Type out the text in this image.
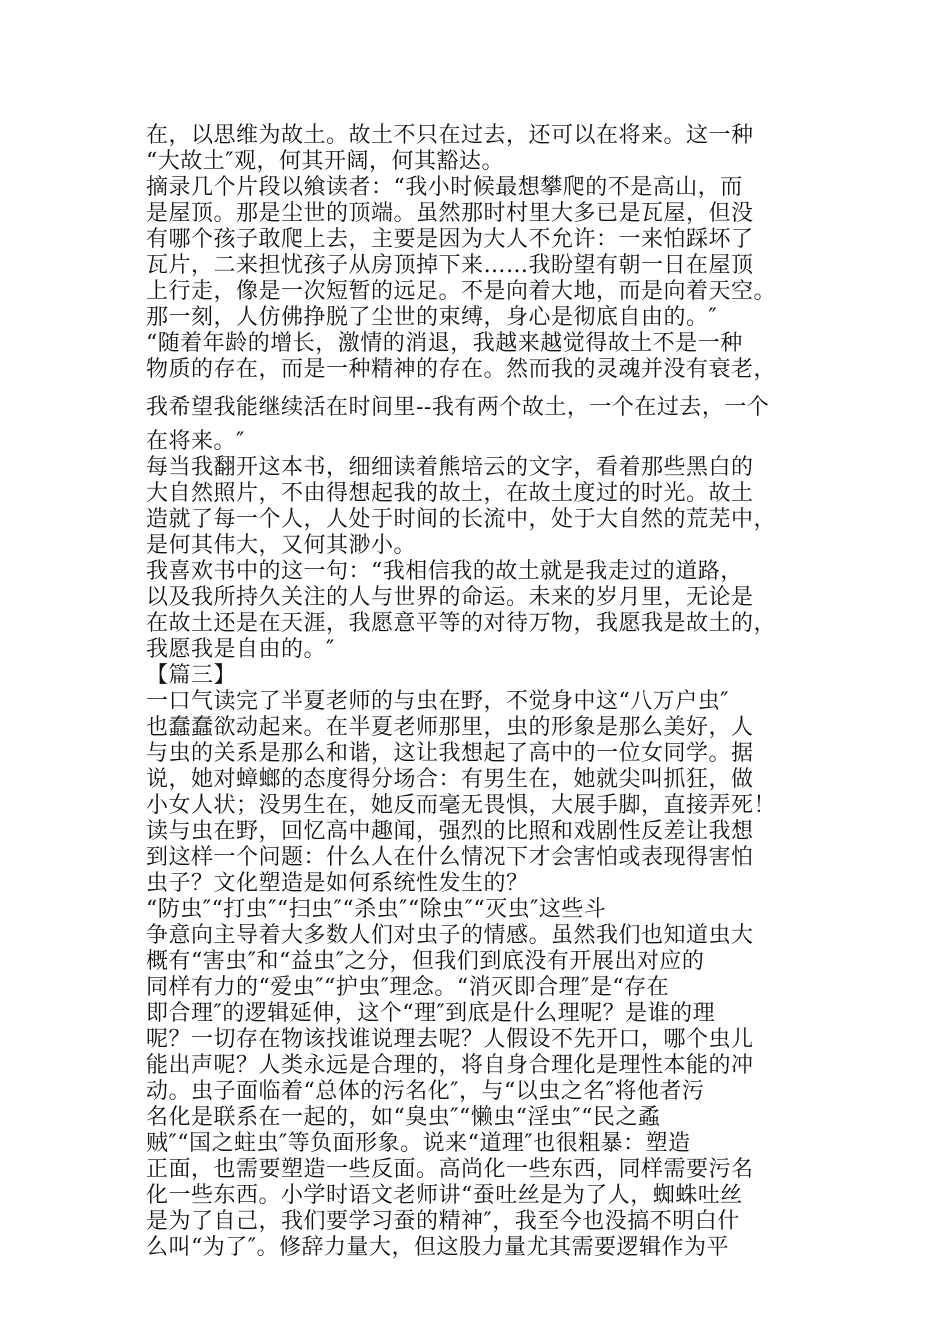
在，以思维为故土。故土不只在过去，还可以在将来。这一种
“大故土″观，何其开阔，何其豁达。
摘录几个片段以飨读者：“我小时候最想攀爬的不是高山，而
是屋顶。那是尘世的顶端。虽然那时村里大多已是瓦屋，但没
有哪个孩子敢爬上去，主要是因为大人不允许：一来怕踩坏了
瓦片，二来担忧孩子从房顶掉下来……我盼望有朝一日在屋顶
上行走，像是一次短暂的远足。不是向着大地，而是向着天空。
那一刻，人仿佛挣脱了尘世的束缚，身心是彻底自由的。″
“随着年龄的增长，激情的消退，我越来越觉得故土不是一种
物质的存在，而是一种精神的存在。然而我的灵魂并没有衰老，
我希望我能继续活在时间里--我有两个故土，一个在过去，一个
在将来。″
每当我翻开这本书，细细读着熊培云的文字，看着那些黑白的
大自然照片，不由得想起我的故土，在故土度过的时光。故土
造就了每一个人，人处于时间的长流中，处于大自然的荒芜中，
是何其伟大，又何其渺小。
我喜欢书中的这一句：“我相信我的故土就是我走过的道路，
以及我所持久关注的人与世界的命运。未来的岁月里，无论是
在故土还是在天涯，我愿意平等的对待万物，我愿我是故土的，
我愿我是自由的。″
【篇三】
一口气读完了半夏老师的与虫在野，不觉身中这“八万户虫″
也蠢蠢欲动起来。在半夏老师那里，虫的形象是那么美好，人
与虫的关系是那么和谐，这让我想起了高中的一位女同学。据
说，她对蟑螂的态度得分场合：有男生在，她就尖叫抓狂，做
小女人状；没男生在，她反而毫无畏惧，大展手脚，直接弄死！
读与虫在野，回忆高中趣闻，强烈的比照和戏剧性反差让我想
到这样一个问题：什么人在什么情况下才会害怕或表现得害怕
虫子？文化塑造是如何系统性发生的？
“防虫″“打虫″“扫虫″“杀虫″“除虫″“灭虫″这些斗
争意向主导着大多数人们对虫子的情感。虽然我们也知道虫大
概有“害虫″和“益虫″之分，但我们到底没有开展出对应的
同样有力的“爱虫″“护虫″理念。“消灭即合理″是“存在
即合理″的逻辑延伸，这个“理″到底是什么理呢？是谁的理
呢？一切存在物该找谁说理去呢？人假设不先开口，哪个虫儿
能出声呢？人类永远是合理的，将自身合理化是理性本能的冲
动。虫子面临着“总体的污名化″，与“以虫之名″将他者污
名化是联系在一起的，如“臭虫″“懒虫“淫虫″“民之蟊
贼″“国之蛀虫″等负面形象。说来“道理″也很粗暴：塑造
正面，也需要塑造一些反面。高尚化一些东西，同样需要污名
化一些东西。小学时语文老师讲“蚕吐丝是为了人，蜘蛛吐丝
是为了自己，我们要学习蚕的精神″，我至今也没搞不明白什
么叫“为了″。修辞力量大，但这股力量尤其需要逻辑作为平
